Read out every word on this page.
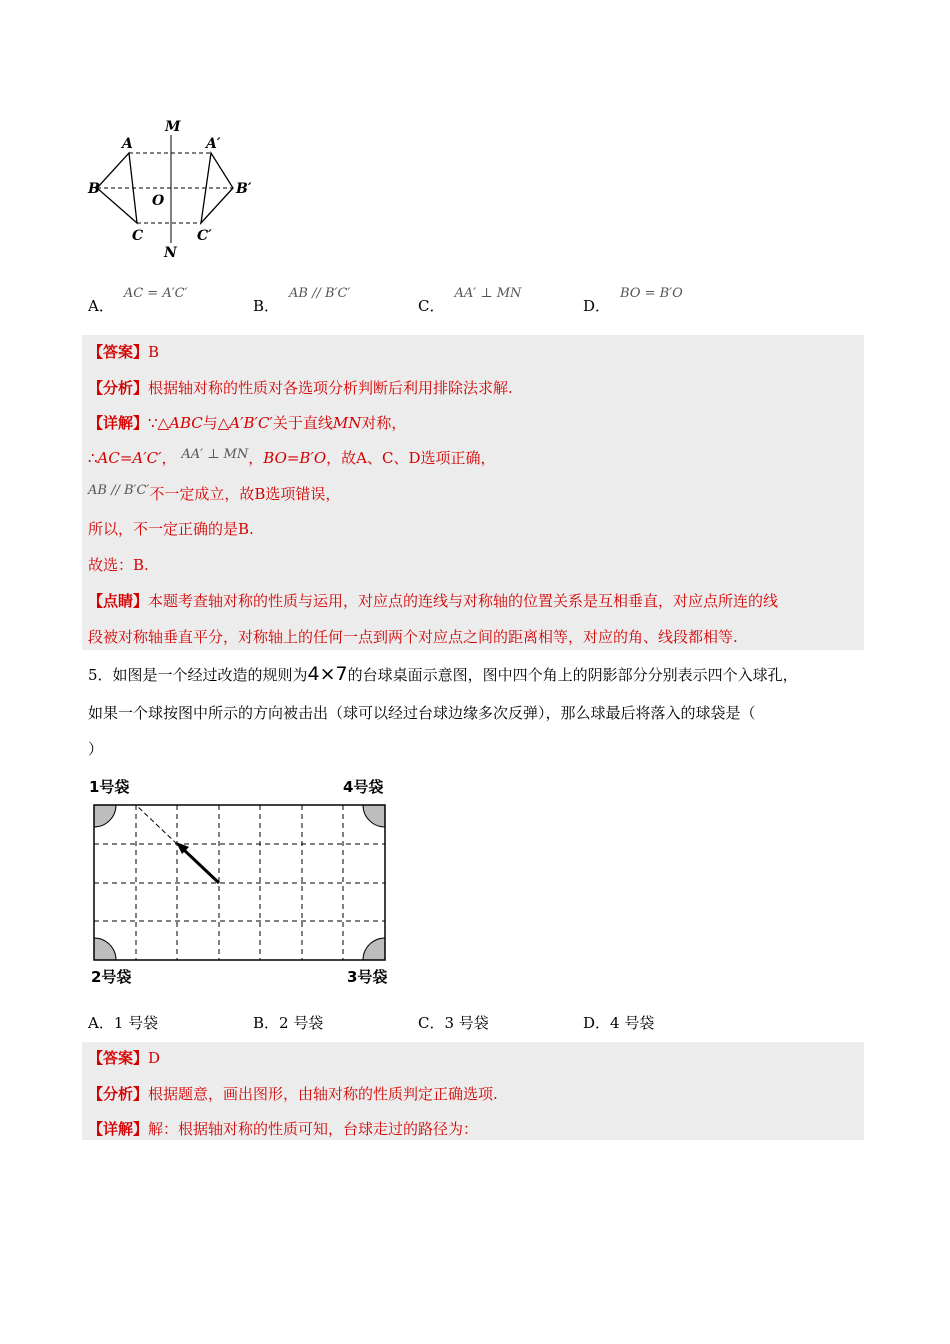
M
N
A	A′
B	B′
C	C′
O
A．AC = A′C′
B．AB // B′C′
C．AA′ ⊥ MN
D．BO = B′O
【答案】B
【分析】根据轴对称的性质对各选项分析判断后利用排除法求解.
【详解】∵△ABC与△A′B′C′关于直线MN对称，
∴AC=A′C′， AA′ ⊥ MN，BO=B′O，故A、C、D选项正确，
AB // B′C′不一定成立，故B选项错误，
所以，不一定正确的是B.
故选：B.
【点睛】本题考查轴对称的性质与运用，对应点的连线与对称轴的位置关系是互相垂直，对应点所连的线
段被对称轴垂直平分，对称轴上的任何一点到两个对应点之间的距离相等，对应的角、线段都相等.
5．如图是一个经过改造的规则为4×7的台球桌面示意图，图中四个角上的阴影部分分别表示四个入球孔，
如果一个球按图中所示的方向被击出（球可以经过台球边缘多次反弹），那么球最后将落入的球袋是（
）
1号袋	4号袋
2号袋	3号袋
A．1 号袋	B．2 号袋	C．3 号袋	D．4 号袋
【答案】D
【分析】根据题意，画出图形，由轴对称的性质判定正确选项.
【详解】解：根据轴对称的性质可知，台球走过的路径为：
